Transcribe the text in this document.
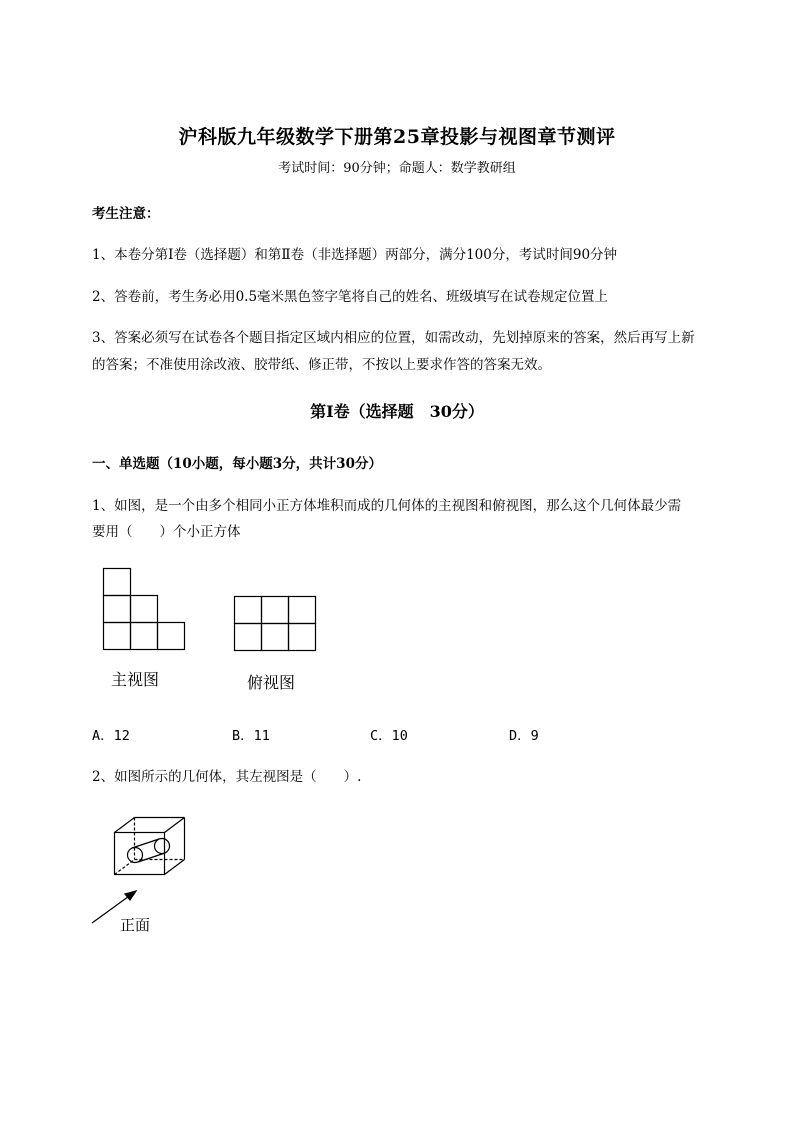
沪科版九年级数学下册第25章投影与视图章节测评
考试时间：90分钟；命题人：数学教研组
考生注意：
1、本卷分第I卷（选择题）和第Ⅱ卷（非选择题）两部分，满分100分，考试时间90分钟
2、答卷前，考生务必用0.5毫米黑色签字笔将自己的姓名、班级填写在试卷规定位置上
3、答案必须写在试卷各个题目指定区域内相应的位置，如需改动，先划掉原来的答案，然后再写上新
的答案；不准使用涂改液、胶带纸、修正带，不按以上要求作答的答案无效。
第I卷（选择题　30分）
一、单选题（10小题，每小题3分，共计30分）
1、如图，是一个由多个相同小正方体堆积而成的几何体的主视图和俯视图，那么这个几何体最少需
要用（　　）个小正方体
主视图	俯视图
A．12	B．11	C．10	D．9
2、如图所示的几何体，其左视图是（　　）.
正面
